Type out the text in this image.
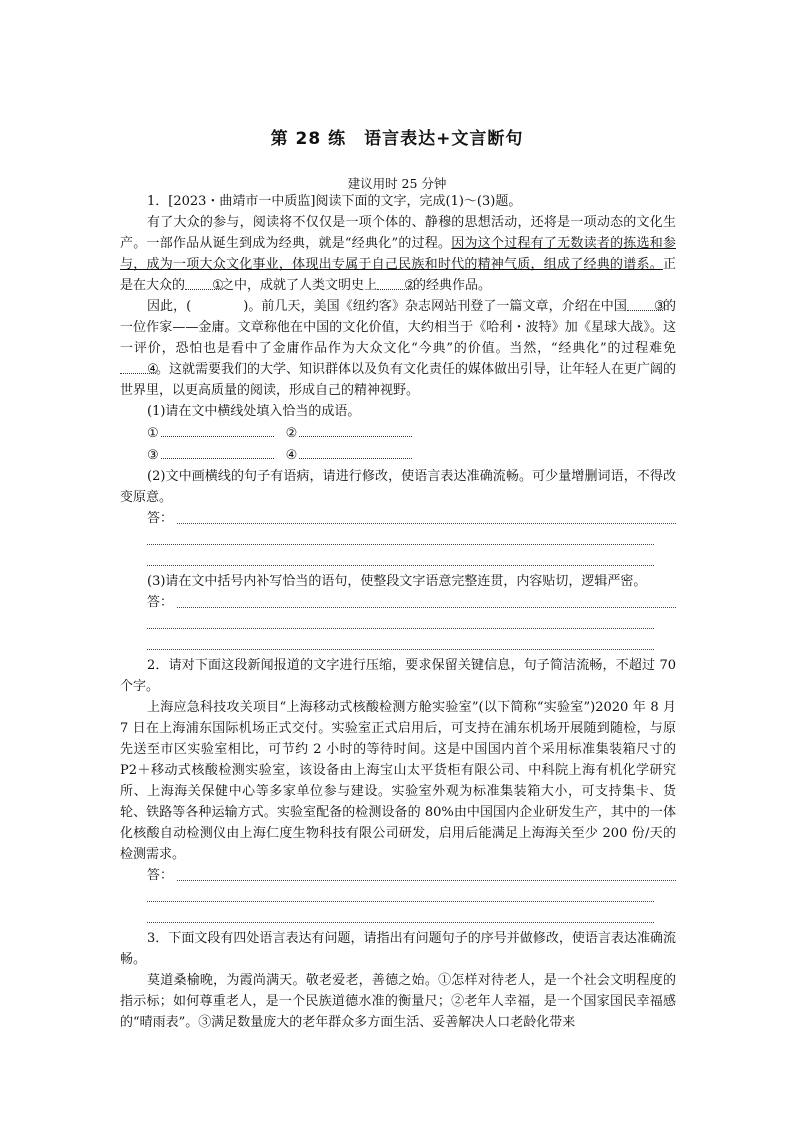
第 28 练　语言表达+文言断句
建议用时 25 分钟

1．[2023・曲靖市一中质监]阅读下面的文字，完成(1)～(3)题。

有了大众的参与，阅读将不仅仅是一项个体的、静穆的思想活动，还将是一项动态的文化生产。一部作品从诞生到成为经典，就是“经典化”的过程。因为这个过程有了无数读者的拣选和参与，成为一项大众文化事业，体现出专属于自己民族和时代的精神气质，组成了经典的谱系。正是在大众的 ①之中，成就了人类文明史上 ②的经典作品。

因此，(	)。前几天，美国《纽约客》杂志网站刊登了一篇文章，介绍在中国 ③的一位作家——金庸。文章称他在中国的文化价值，大约相当于《哈利・波特》加《星球大战》。这一评价，恐怕也是看中了金庸作品作为大众文化“今典”的价值。当然，“经典化”的过程难免④。这就需要我们的大学、知识群体以及负有文化责任的媒体做出引导，让年轻人在更广阔的世界里，以更高质量的阅读，形成自己的精神视野。

(1)请在文中横线处填入恰当的成语。

①	②
③	④

(2)文中画横线的句子有语病，请进行修改，使语言表达准确流畅。可少量增删词语，不得改变原意。

答：

(3)请在文中括号内补写恰当的语句，使整段文字语意完整连贯，内容贴切，逻辑严密。

答：

2．请对下面这段新闻报道的文字进行压缩，要求保留关键信息，句子简洁流畅，不超过 70 个字。

上海应急科技攻关项目“上海移动式核酸检测方舱实验室”(以下简称“实验室”)2020 年 8 月 7 日在上海浦东国际机场正式交付。实验室正式启用后，可支持在浦东机场开展随到随检，与原先送至市区实验室相比，可节约 2 小时的等待时间。这是中国国内首个采用标准集装箱尺寸的 P2＋移动式核酸检测实验室，该设备由上海宝山太平货柜有限公司、中科院上海有机化学研究所、上海海关保健中心等多家单位参与建设。实验室外观为标准集装箱大小，可支持集卡、货轮、铁路等各种运输方式。实验室配备的检测设备的 80%由中国国内企业研发生产，其中的一体化核酸自动检测仪由上海仁度生物科技有限公司研发，启用后能满足上海海关至少 200 份/天的检测需求。

答：

3．下面文段有四处语言表达有问题，请指出有问题句子的序号并做修改，使语言表达准确流畅。

莫道桑榆晚，为霞尚满天。敬老爱老，善德之始。①怎样对待老人，是一个社会文明程度的指示标；如何尊重老人，是一个民族道德水准的衡量尺；②老年人幸福，是一个国家国民幸福感的“晴雨表”。③满足数量庞大的老年群众多方面生活、妥善解决人口老龄化带来
